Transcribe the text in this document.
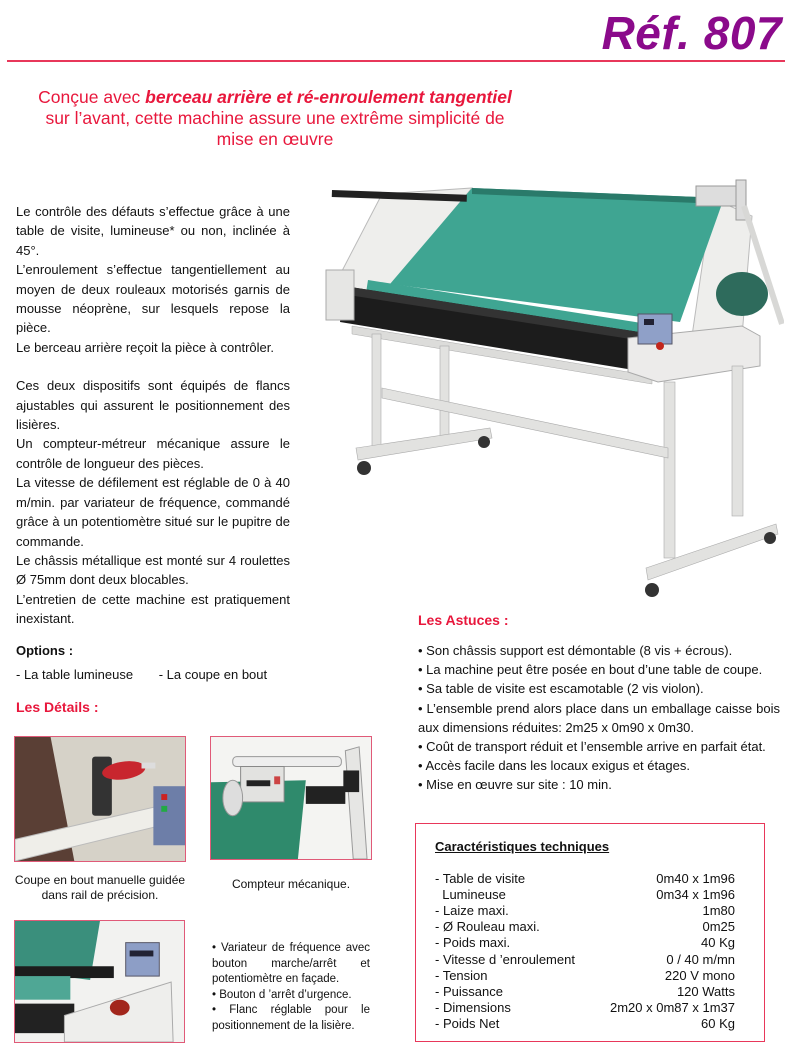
Réf. 807
Conçue avec berceau arrière et ré-enroulement tangentiel
sur l’avant, cette machine assure une extrême simplicité de
mise en œuvre

Le contrôle des défauts s’effectue grâce à une table de visite, lumineuse* ou non, inclinée à 45°.

L’enroulement s’effectue tangentiellement au moyen de deux rouleaux motorisés garnis de mousse néoprène, sur lesquels repose la pièce.

Le berceau arrière reçoit la pièce à contrôler.

Ces deux dispositifs sont équipés de flancs ajustables qui assurent le positionnement des lisières.

Un compteur-métreur mécanique assure le contrôle de longueur des pièces.

La vitesse de défilement est réglable de 0 à 40 m/min. par variateur de fréquence, commandé grâce à un potentiomètre situé sur le pupitre de commande.

Le châssis métallique est monté sur 4 roulettes Ø 75mm dont deux blocables.

L’entretien de cette machine est pratiquement inexistant.

Options :
- La table lumineuse - La coupe en bout
Les Détails :
Les Astuces :
• Son châssis support est démontable (8 vis + écrous).
• La machine peut être posée en bout d’une table de coupe.
• Sa table de visite est escamotable (2 vis violon).
• L’ensemble prend alors place dans un emballage caisse bois aux dimensions réduites: 2m25 x 0m90 x 0m30.
• Coût de transport réduit et l’ensemble arrive en parfait état.
• Accès facile dans les locaux exigus et étages.
• Mise en œuvre sur site : 10 min.
Coupe en bout manuelle guidée dans rail de précision.
Compteur mécanique.

• Variateur de fréquence avec bouton marche/arrêt et potentiomètre en façade.

• Bouton d ’arrêt d’urgence.

• Flanc réglable pour le positionnement de la lisière.

Caractéristiques techniques
- Table de visite	0m40 x 1m96
Lumineuse	0m34 x 1m96
- Laize maxi.	1m80
- Ø Rouleau maxi.	0m25
- Poids maxi.	40 Kg
- Vitesse d ’enroulement	0 / 40 m/mn
- Tension	220 V mono
- Puissance	120 Watts
- Dimensions	2m20 x 0m87 x 1m37
- Poids Net	60 Kg
